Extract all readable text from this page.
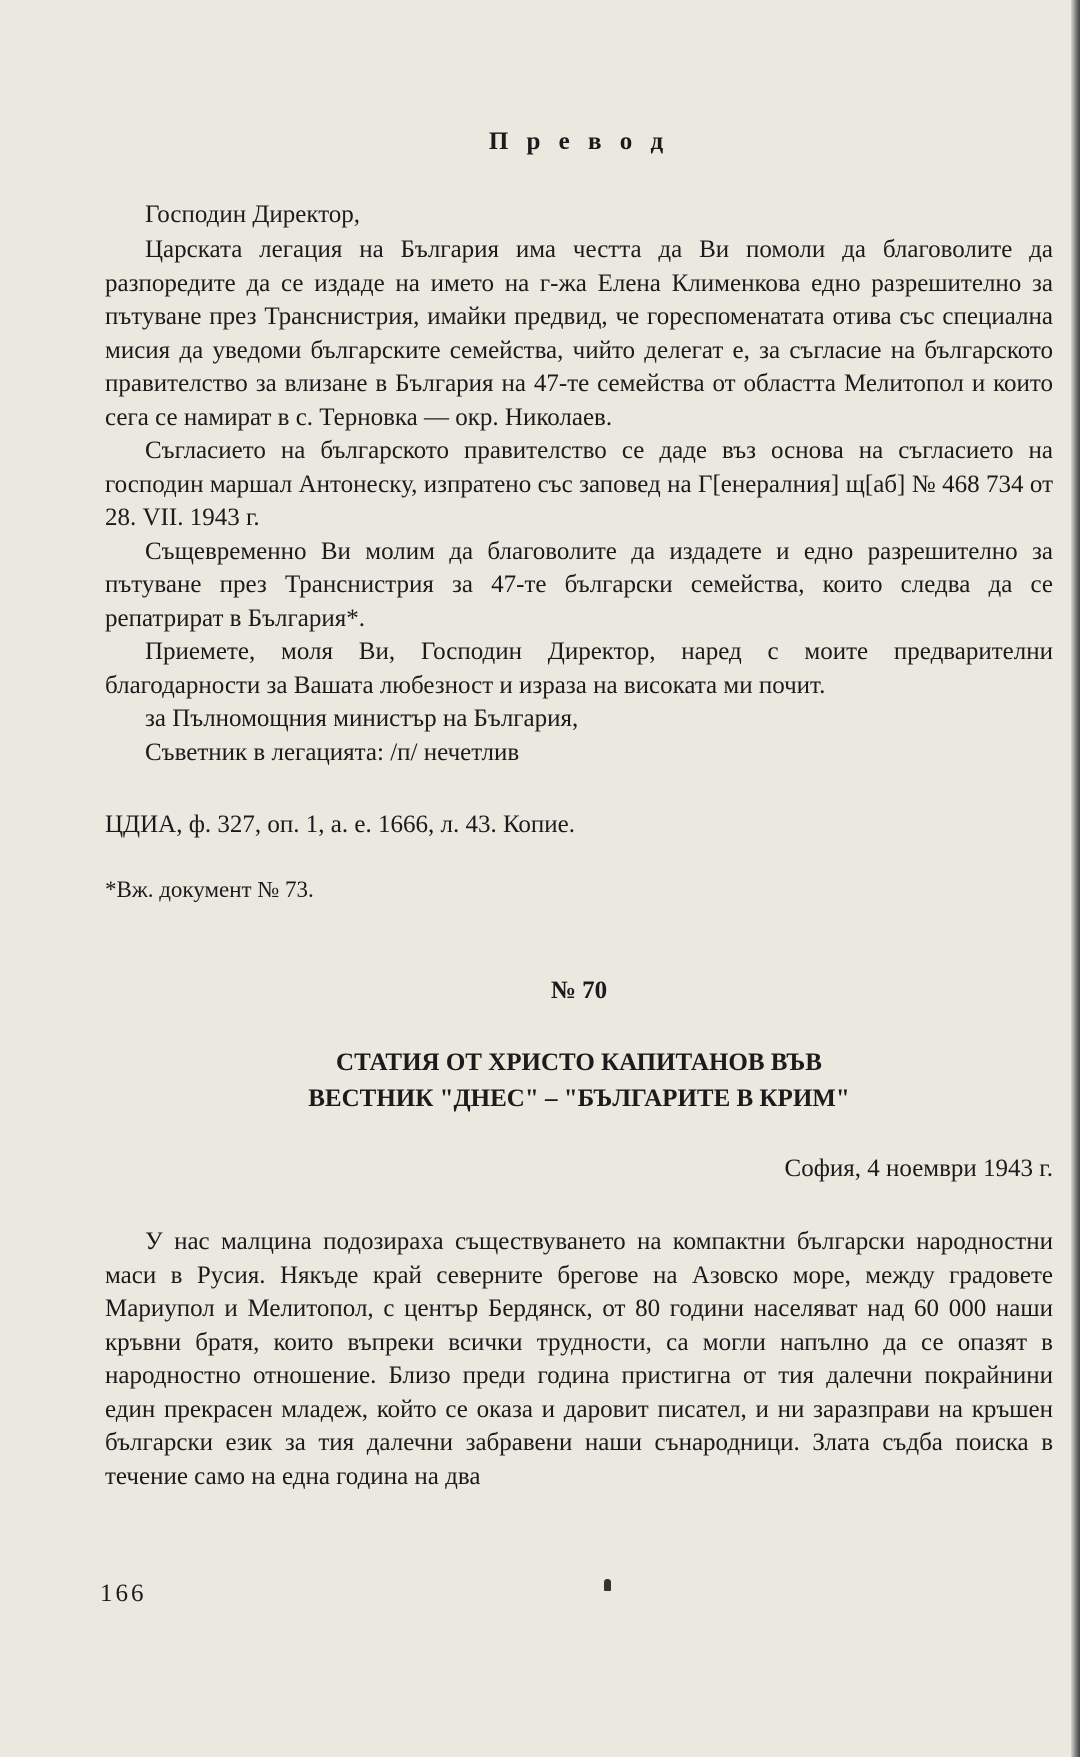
П р е в о д
Господин Директор,

Царската легация на България има честта да Ви помоли да благоволите да разпоредите да се издаде на името на г-жа Елена Клименкова едно разрешително за пътуване през Транснистрия, имайки предвид, че гореспоменатата отива със специална мисия да уведоми българските семейства, чийто делегат е, за съгласие на българското правителство за влизане в България на 47-те семейства от областта Мелитопол и които сега се намират в с. Терновка — окр. Николаев.

Съгласието на българското правителство се даде въз основа на съгласието на господин маршал Антонеску, изпратено със заповед на Г[енералния] щ[аб] № 468 734 от 28. VII. 1943 г.

Същевременно Ви молим да благоволите да издадете и едно разрешително за пътуване през Транснистрия за 47-те български семейства, които следва да се репатрират в България*.

Приемете, моля Ви, Господин Директор, наред с моите предварителни благодарности за Вашата любезност и израза на високата ми почит.

за Пълномощния министър на България,
Съветник в легацията: /п/ нечетлив
ЦДИА, ф. 327, оп. 1, а. е. 1666, л. 43. Копие.
*Вж. документ № 73.
№ 70
СТАТИЯ ОТ ХРИСТО КАПИТАНОВ ВЪВ
ВЕСТНИК "ДНЕС" – "БЪЛГАРИТЕ В КРИМ"
София, 4 ноември 1943 г.

У нас малцина подозираха съществуването на компактни български народностни маси в Русия. Някъде край северните брегове на Азовско море, между градовете Мариупол и Мелитопол, с център Бердянск, от 80 години населяват над 60 000 наши кръвни братя, които въпреки всички трудности, са могли напълно да се опазят в народностно отношение. Близо преди година пристигна от тия далечни покрайнини един прекрасен младеж, който се оказа и даровит писател, и ни заразправи на кръшен български език за тия далечни забравени наши сънародници. Злата съдба поиска в течение само на една година на два

166
